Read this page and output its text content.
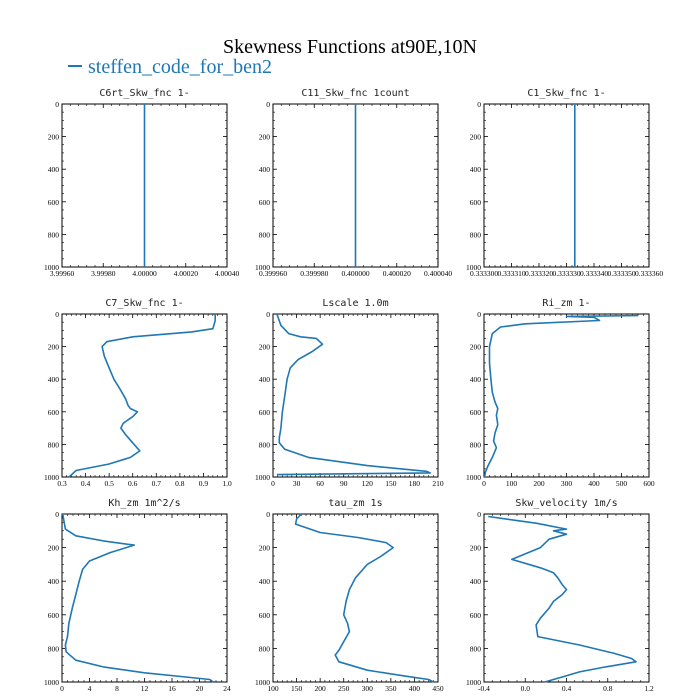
Skewness Functions at90E,10N
steffen_code_for_ben2
C6rt_Skw_fnc 1-
3.99960 3.99980 4.00000 4.00020 4.00040
0
200
400
600
800
1000
C11_Skw_fnc 1count
0.399960 0.399980 0.400000 0.400020 0.400040
0
200
400
600
800
1000
C1_Skw_fnc 1-
0.333300 0.333310 0.333320 0.333330 0.333340 0.333350 0.333360
0
200
400
600
800
1000
C7_Skw_fnc 1-
0.3 0.4 0.5 0.6 0.7 0.8 0.9 1.0
0
200
400
600
800
1000
Lscale 1.0m
0 30 60 90 120 150 180 210
0
200
400
600
800
1000
Ri_zm 1-
0	100 200 300 400 500 600
0
200
400
600
800
1000
Kh_zm 1m^2/s
0	4	8	12	16	20	24
0
200
400
600
800
1000
tau_zm 1s
100 150 200 250 300 350 400 450
0
200
400
600
800
1000
Skw_velocity 1m/s
-0.4	0.0	0.4	0.8	1.2
0
200
400
600
800
1000
